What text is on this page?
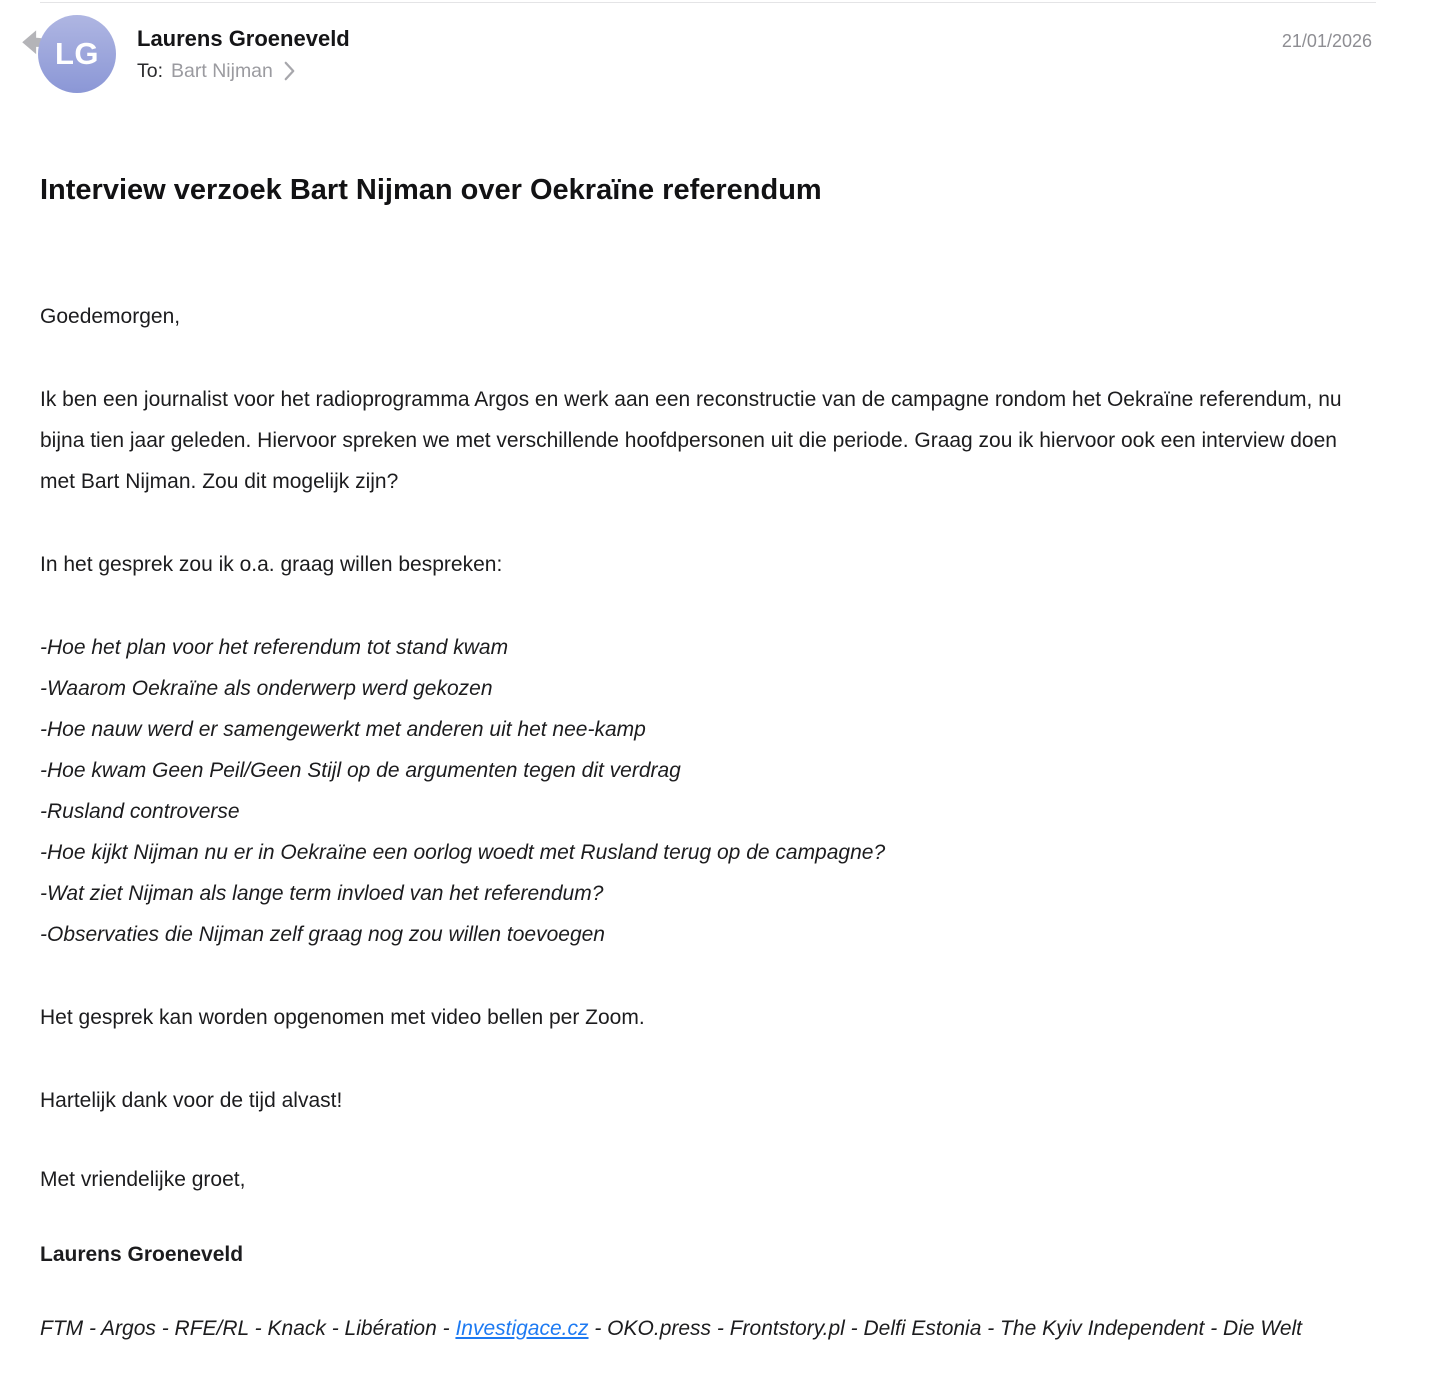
LG Laurens Groeneveld
To: Bart Nijman
21/01/2026
Interview verzoek Bart Nijman over Oekraïne referendum

Goedemorgen,

Ik ben een journalist voor het radioprogramma Argos en werk aan een reconstructie van de campagne rondom het Oekraïne referendum, nu bijna tien jaar geleden. Hiervoor spreken we met verschillende hoofdpersonen uit die periode. Graag zou ik hiervoor ook een interview doen met Bart Nijman. Zou dit mogelijk zijn?

In het gesprek zou ik o.a. graag willen bespreken:

-Hoe het plan voor het referendum tot stand kwam
-Waarom Oekraïne als onderwerp werd gekozen
-Hoe nauw werd er samengewerkt met anderen uit het nee-kamp
-Hoe kwam Geen Peil/Geen Stijl op de argumenten tegen dit verdrag
-Rusland controverse
-Hoe kijkt Nijman nu er in Oekraïne een oorlog woedt met Rusland terug op de campagne?
-Wat ziet Nijman als lange term invloed van het referendum?
-Observaties die Nijman zelf graag nog zou willen toevoegen

Het gesprek kan worden opgenomen met video bellen per Zoom.

Hartelijk dank voor de tijd alvast!

Met vriendelijke groet,

Laurens Groeneveld

FTM - Argos - RFE/RL - Knack - Libération - Investigace.cz - OKO.press - Frontstory.pl - Delfi Estonia - The Kyiv Independent - Die Welt
